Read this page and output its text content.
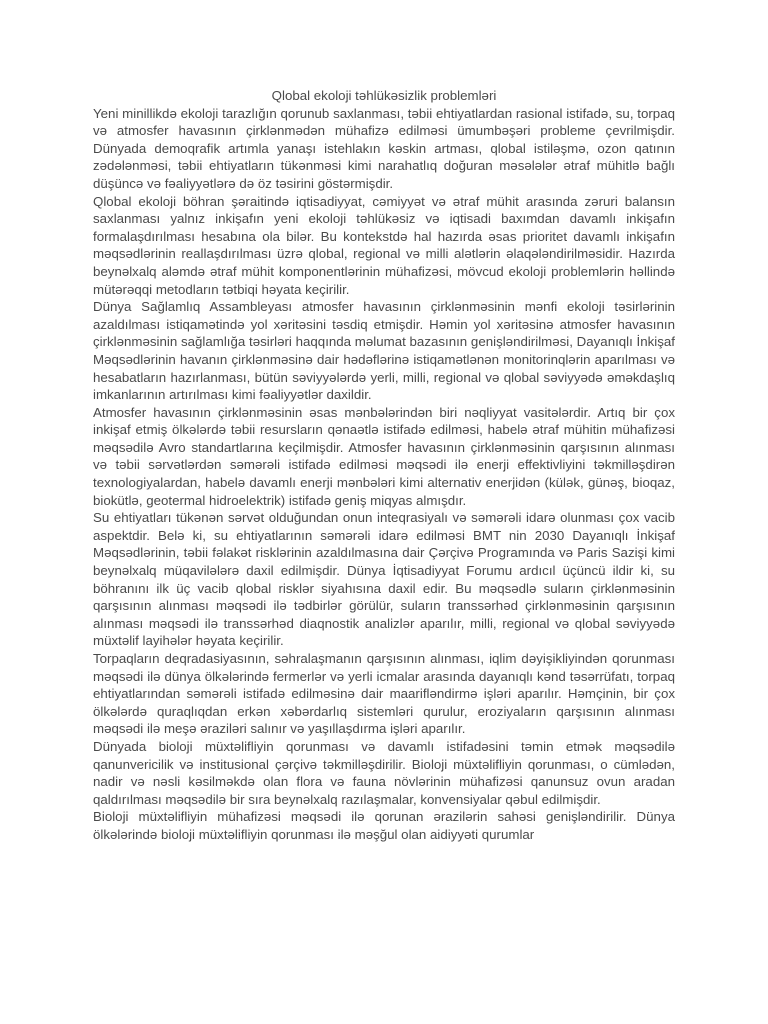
Qlobal ekoloji təhlükəsizlik problemləri

Yeni minillikdə ekoloji tarazlığın qorunub saxlanması, təbii ehtiyatlardan rasional istifadə, su, torpaq və atmosfer havasının çirklənmədən mühafizə edilməsi ümumbəşəri probleme çevrilmişdir. Dünyada demoqrafik artımla yanaşı istehlakın kəskin artması, qlobal istiləşmə, ozon qatının zədələnməsi, təbii ehtiyatların tükənməsi kimi narahatlıq doğuran məsələlər ətraf mühitlə bağlı düşüncə və fəaliyyətlərə də öz təsirini göstərmişdir.

Qlobal ekoloji böhran şəraitində iqtisadiyyat, cəmiyyət və ətraf mühit arasında zəruri balansın saxlanması yalnız inkişafın yeni ekoloji təhlükəsiz və iqtisadi baxımdan davamlı inkişafın formalaşdırılması hesabına ola bilər. Bu kontekstdə hal hazırda əsas prioritet davamlı inkişafın məqsədlərinin reallaşdırılması üzrə qlobal, regional və milli alətlərin əlaqələndirilməsidir. Hazırda beynəlxalq aləmdə ətraf mühit komponentlərinin mühafizəsi, mövcud ekoloji problemlərin həllində mütərəqqi metodların tətbiqi həyata keçirilir.

Dünya Sağlamlıq Assambleyası atmosfer havasının çirklənməsinin mənfi ekoloji təsirlərinin azaldılması istiqamətində yol xəritəsini təsdiq etmişdir. Həmin yol xəritəsinə atmosfer havasının çirklənməsinin sağlamlığa təsirləri haqqında məlumat bazasının genişləndirilməsi, Dayanıqlı İnkişaf Məqsədlərinin havanın çirklənməsinə dair hədəflərinə istiqamətlənən monitorinqlərin aparılması və hesabatların hazırlanması, bütün səviyyələrdə yerli, milli, regional və qlobal səviyyədə əməkdaşlıq imkanlarının artırılması kimi fəaliyyətlər daxildir.

Atmosfer havasının çirklənməsinin əsas mənbələrindən biri nəqliyyat vasitələrdir. Artıq bir çox inkişaf etmiş ölkələrdə təbii resursların qənaətlə istifadə edilməsi, habelə ətraf mühitin mühafizəsi məqsədilə Avro standartlarına keçilmişdir. Atmosfer havasının çirklənməsinin qarşısının alınması və təbii sərvətlərdən səmərəli istifadə edilməsi məqsədi ilə enerji effektivliyini təkmilləşdirən texnologiyalardan, habelə davamlı enerji mənbələri kimi alternativ enerjidən (külək, günəş, bioqaz, biokütlə, geotermal hidroelektrik) istifadə geniş miqyas almışdır.

Su ehtiyatları tükənən sərvət olduğundan onun inteqrasiyalı və səmərəli idarə olunması çox vacib aspektdir. Belə ki, su ehtiyatlarının səmərəli idarə edilməsi BMT nin 2030 Dayanıqlı İnkişaf Məqsədlərinin, təbii fəlakət risklərinin azaldılmasına dair Çərçivə Programında və Paris Sazişi kimi beynəlxalq müqavilələrə daxil edilmişdir. Dünya İqtisadiyyat Forumu ardıcıl üçüncü ildir ki, su böhranını ilk üç vacib qlobal risklər siyahısına daxil edir. Bu məqsədlə suların çirklənməsinin qarşısının alınması məqsədi ilə tədbirlər görülür, suların transsərhəd çirklənməsinin qarşısının alınması məqsədi ilə transsərhəd diaqnostik analizlər aparılır, milli, regional və qlobal səviyyədə müxtəlif layihələr həyata keçirilir.

Torpaqların deqradasiyasının, səhralaşmanın qarşısının alınması, iqlim dəyişikliyindən qorunması məqsədi ilə dünya ölkələrində fermerlər və yerli icmalar arasında dayanıqlı kənd təsərrüfatı, torpaq ehtiyatlarından səmərəli istifadə edilməsinə dair maarifləndirmə işləri aparılır. Həmçinin, bir çox ölkələrdə quraqlıqdan erkən xəbərdarlıq sistemləri qurulur, eroziyaların qarşısının alınması məqsədi ilə meşə əraziləri salınır və yaşıllaşdırma işləri aparılır.

Dünyada bioloji müxtəlifliyin qorunması və davamlı istifadəsini təmin etmək məqsədilə qanunvericilik və institusional çərçivə təkmilləşdirilir. Bioloji müxtəlifliyin qorunması, o cümlədən, nadir və nəsli kəsilməkdə olan flora və fauna növlərinin mühafizəsi qanunsuz ovun aradan qaldırılması məqsədilə bir sıra beynəlxalq razılaşmalar, konvensiyalar qəbul edilmişdir.

Bioloji müxtəlifliyin mühafizəsi məqsədi ilə qorunan ərazilərin sahəsi genişləndirilir. Dünya ölkələrində bioloji müxtəlifliyin qorunması ilə məşğul olan aidiyyəti qurumlar
